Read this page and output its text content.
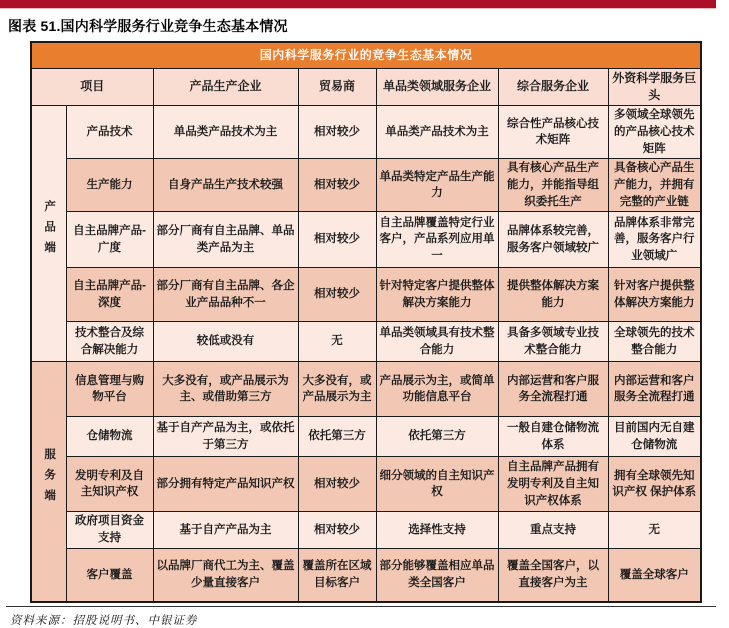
图表 51.国内科学服务行业竞争生态基本情况
国内科学服务行业的竞争生态基本情况						
项目		产品生产企业	贸易商	单品类领域服务企业	综合服务企业	外资科学服务巨头
产品端	产品技术	单品类产品技术为主	相对较少	单品类产品技术为主	综合性产品核心技术矩阵	多领域全球领先的产品核心技术矩阵
	生产能力	自身产品生产技术较强	相对较少	单品类特定产品生产能力	具有核心产品生产能力，并能指导组织委托生产	具备核心产品生产能力，并拥有完整的产业链
	自主品牌产品-广度	部分厂商有自主品牌、单品类产品为主	相对较少	自主品牌覆盖特定行业客户，产品系列应用单一	品牌体系较完善，服务客户领域较广	品牌体系非常完善，服务客户行业领域广
	自主品牌产品-深度	部分厂商有自主品牌、各企业产品品种不一	相对较少	针对特定客户提供整体解决方案能力	提供整体解决方案能力	针对客户提供整体解决方案能力
	技术整合及综合解决能力	较低或没有	无	单品类领域具有技术整合能力	具备多领域专业技术整合能力	全球领先的技术整合能力
服务端	信息管理与购物平台	大多没有，或产品展示为主、或借助第三方	大多没有，或产品展示为主	产品展示为主，或简单功能信息平台	内部运营和客户服务全流程打通	内部运营和客户服务全流程打通
	仓储物流	基于自产产品为主，或依托于第三方	依托第三方	依托第三方	一般自建仓储物流体系	目前国内无自建仓储物流
	发明专利及自主知识产权	部分拥有特定产品知识产权	相对较少	细分领域的自主知识产权	自主品牌产品拥有发明专利及自主知识产权体系	拥有全球领先知识产权 保护体系
	政府项目资金支持	基于自产产品为主	相对较少	选择性支持	重点支持	无
	客户覆盖	以品牌厂商代工为主、覆盖少量直接客户	覆盖所在区域目标客户	部分能够覆盖相应单品类全国客户	覆盖全国客户，以直接客户为主	覆盖全球客户
资料来源：招股说明书、中银证券
